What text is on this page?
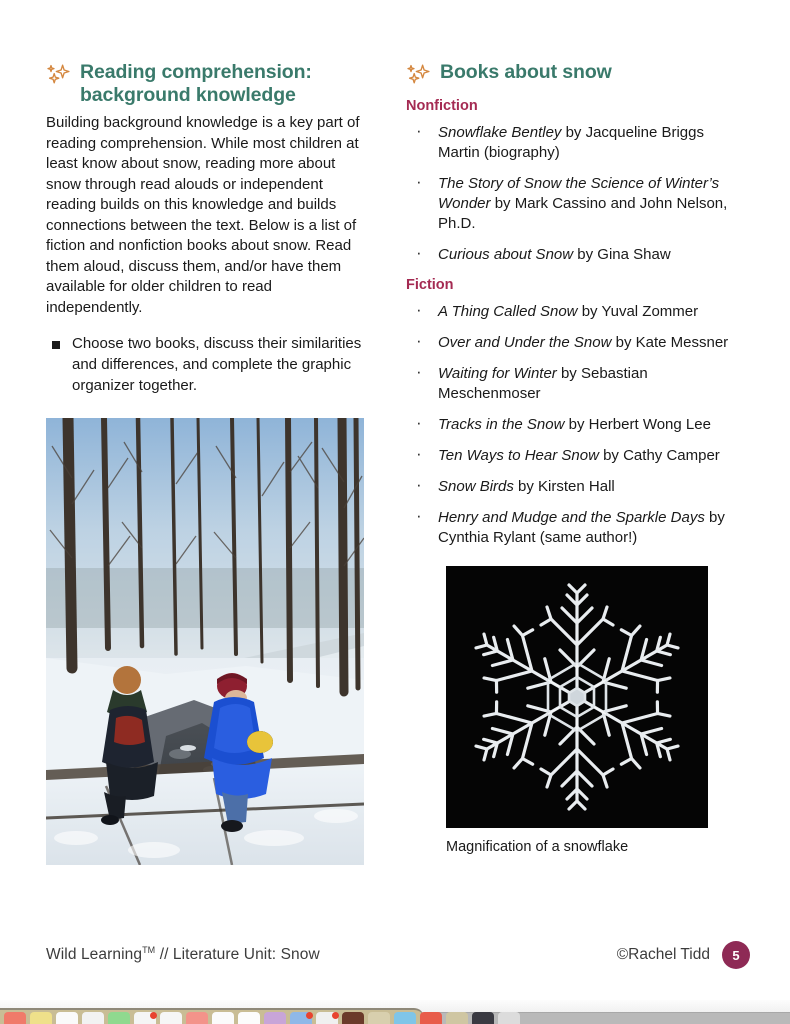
Reading comprehension: background knowledge

Building background knowledge is a key part of reading comprehension. While most children at least know about snow, reading more about snow through read alouds or independent reading builds on this knowledge and builds connections between the text. Below is a list of fiction and nonfiction books about snow. Read them aloud, discuss them, and/or have them available for older children to read independently.

Choose two books, discuss their similarities and differences, and complete the graphic organizer together.
Books about snow
Nonfiction
· Snowflake Bentley by Jacqueline Briggs Martin (biography)
· The Story of Snow the Science of Winter’s Wonder by Mark Cassino and John Nelson, Ph.D.
· Curious about Snow by Gina Shaw
Fiction
· A Thing Called Snow by Yuval Zommer
· Over and Under the Snow by Kate Messner
· Waiting for Winter by Sebastian Meschenmoser
· Tracks in the Snow by Herbert Wong Lee
· Ten Ways to Hear Snow by Cathy Camper
· Snow Birds by Kirsten Hall
· Henry and Mudge and the Sparkle Days by Cynthia Rylant (same author!)
Magnification of a snowflake
Wild Learning™ // Literature Unit: Snow	©Rachel Tidd	5
